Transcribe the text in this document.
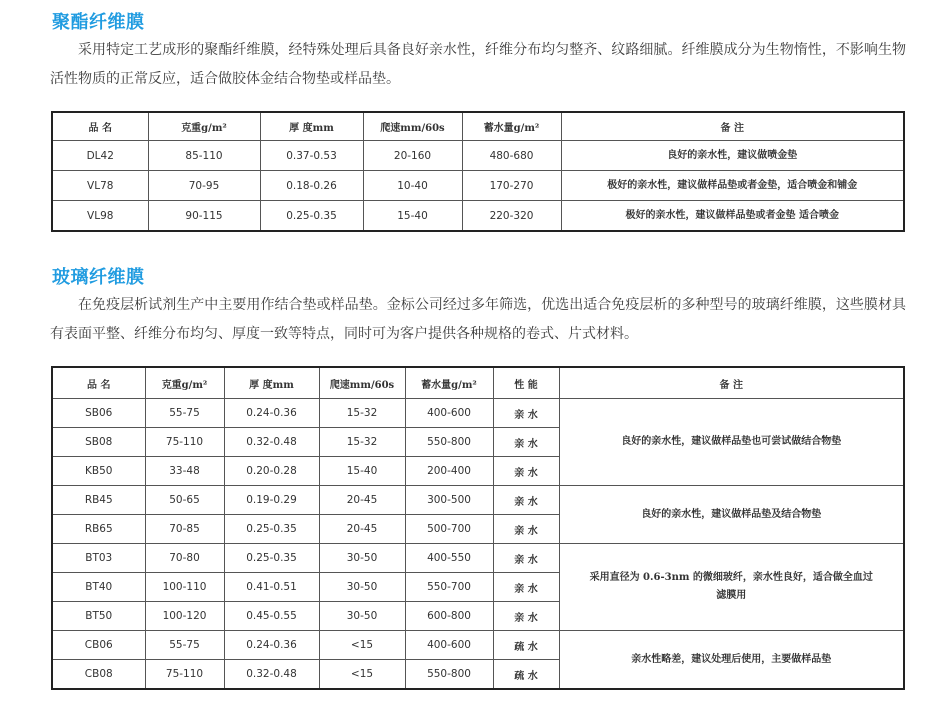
聚酯纤维膜

采用特定工艺成形的聚酯纤维膜，经特殊处理后具备良好亲水性，纤维分布均匀整齐、纹路细腻。纤维膜成分为生物惰性，不影响生物活性物质的正常反应，适合做胶体金结合物垫或样品垫。

品 名	克重g/m²	厚 度mm	爬速mm/60s	蓄水量g/m²	备 注
DL42	85-110	0.37-0.53	20-160	480-680	良好的亲水性，建议做喷金垫
VL78	70-95	0.18-0.26	10-40	170-270	极好的亲水性，建议做样品垫或者金垫，适合喷金和铺金
VL98	90-115	0.25-0.35	15-40	220-320	极好的亲水性，建议做样品垫或者金垫 适合喷金
玻璃纤维膜

在免疫层析试剂生产中主要用作结合垫或样品垫。金标公司经过多年筛选，优选出适合免疫层析的多种型号的玻璃纤维膜，这些膜材具有表面平整、纤维分布均匀、厚度一致等特点，同时可为客户提供各种规格的卷式、片式材料。

品 名	克重g/m²	厚 度mm	爬速mm/60s	蓄水量g/m²	性 能	备 注
SB06	55-75	0.24-0.36	15-32	400-600	亲 水	良好的亲水性，建议做样品垫也可尝试做结合物垫
SB08	75-110	0.32-0.48	15-32	550-800	亲 水	
KB50	33-48	0.20-0.28	15-40	200-400	亲 水	
RB45	50-65	0.19-0.29	20-45	300-500	亲 水	良好的亲水性，建议做样品垫及结合物垫
RB65	70-85	0.25-0.35	20-45	500-700	亲 水	
BT03	70-80	0.25-0.35	30-50	400-550	亲 水	采用直径为 0.6-3nm 的微细玻纤，亲水性良好，适合做全血过滤膜用
BT40	100-110	0.41-0.51	30-50	550-700	亲 水	
BT50	100-120	0.45-0.55	30-50	600-800	亲 水	
CB06	55-75	0.24-0.36	<15	400-600	疏 水	亲水性略差，建议处理后使用，主要做样品垫
CB08	75-110	0.32-0.48	<15	550-800	疏 水	
